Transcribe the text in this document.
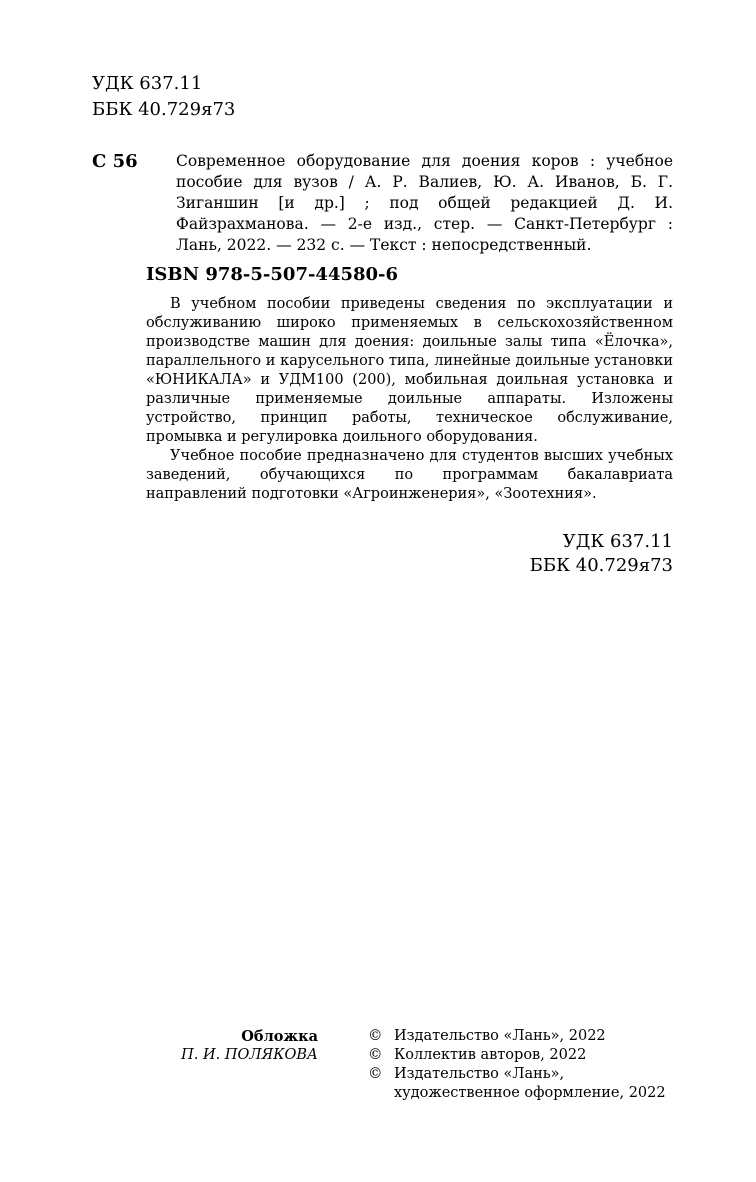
УДК 637.11
ББК 40.729я73
С 56 Современное оборудование для доения коров : учебное пособие для вузов / А. Р. Валиев, Ю. А. Иванов, Б. Г. Зиганшин [и др.] ; под общей редакцией Д. И. Файзрахманова. — 2-е изд., стер. — Санкт-Петербург : Лань, 2022. — 232 с. — Текст : непосредственный.
ISBN 978-5-507-44580-6

В учебном пособии приведены сведения по эксплуатации и обслуживанию широко применяемых в сельскохозяйственном производстве машин для доения: доильные залы типа «Ёлочка», параллельного и карусельного типа, линейные доильные установки «ЮНИКАЛА» и УДМ100 (200), мобильная доильная установка и различные применяемые доильные аппараты. Изложены устройство, принцип работы, техническое обслуживание, промывка и регулировка доильного оборудования.

Учебное пособие предназначено для студентов высших учебных заведений, обучающихся по программам бакалавриата направлений подготовки «Агроинженерия», «Зоотехния».

УДК 637.11
ББК 40.729я73
Обложка
П. И. ПОЛЯКОВА
© Издательство «Лань», 2022
© Коллектив авторов, 2022
© Издательство «Лань»,
художественное оформление, 2022
